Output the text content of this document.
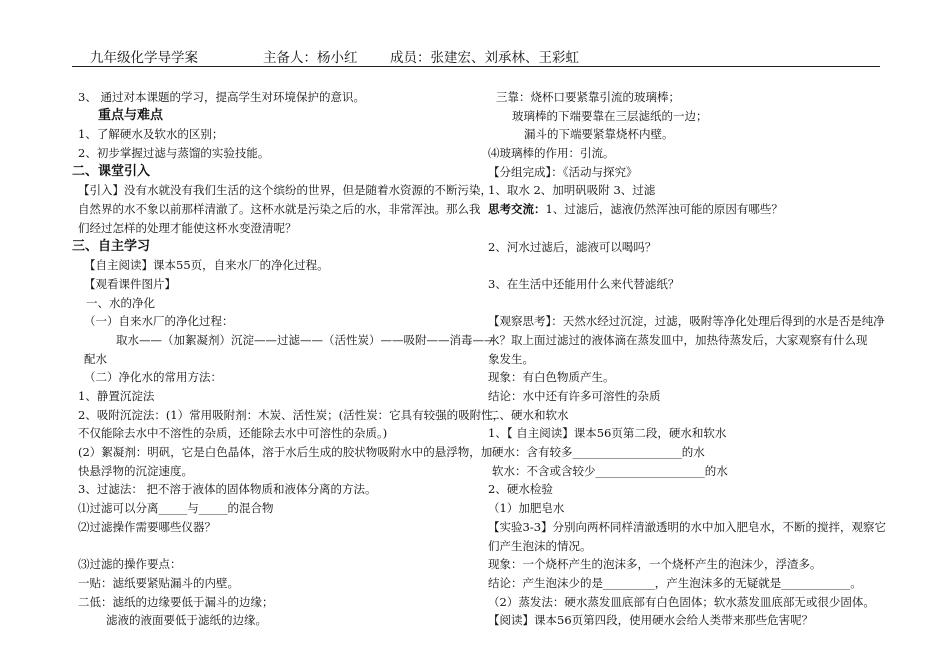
九年级化学导学案

	主备人：杨小红

成员：张建宏、刘承林、王彩虹

3、 通过对本课题的学习，提高学生对环境保护的意识。
重点与难点
1、了解硬水及软水的区别；
2、初步掌握过滤与蒸馏的实验技能。
二、课堂引入
【引入】没有水就没有我们生活的这个缤纷的世界，但是随着水资源的不断污染，
自然界的水不象以前那样清澈了。这杯水就是污染之后的水，非常浑浊。那么我
们经过怎样的处理才能使这杯水变澄清呢？
三、自主学习
【自主阅读】课本55页，自来水厂的净化过程。
【观看课件图片】
一、水的净化
（一）自来水厂的净化过程：
取水——（加絮凝剂）沉淀——过滤——（活性炭）——吸附——消毒——
配水
（二）净化水的常用方法：
1、静置沉淀法
2、吸附沉淀法：(1）常用吸附剂：木炭、活性炭；(活性炭：它具有较强的吸附性，
不仅能除去水中不溶性的杂质，还能除去水中可溶性的杂质。)
(2）絮凝剂：明矾，它是白色晶体，溶于水后生成的胶状物吸附水中的悬浮物，加
快悬浮物的沉淀速度。
3、过滤法： 把不溶于液体的固体物质和液体分离的方法。
⑴过滤可以分离_____与_____的混合物
⑵过滤操作需要哪些仪器？
⑶过滤的操作要点：
一贴：滤纸要紧贴漏斗的内壁。
二低：滤纸的边缘要低于漏斗的边缘；
滤液的液面要低于滤纸的边缘。
三靠：烧杯口要紧靠引流的玻璃棒；
玻璃棒的下端要靠在三层滤纸的一边；
漏斗的下端要紧靠烧杯内壁。
⑷玻璃棒的作用：引流。
【分组完成】：《活动与探究》
1、取水 2、加明矾吸附 3、过滤
思考交流：1、过滤后，滤液仍然浑浊可能的原因有哪些？
2、河水过滤后，滤液可以喝吗？
3、在生活中还能用什么来代替滤纸？
【观察思考】：天然水经过沉淀，过滤，吸附等净化处理后得到的水是否是纯净
水？取上面过滤过的液体滴在蒸发皿中，加热待蒸发后，大家观察有什么现
象发生。
现象：有白色物质产生。
结论：水中还有许多可溶性的杂质
二、硬水和软水
1、【 自主阅读】课本56页第二段，硬水和软水
硬水：含有较多___________________的水
软水：不含或含较少___________________的水
2、硬水检验
（1）加肥皂水
【实验3-3】分别向两杯同样清澈透明的水中加入肥皂水，不断的搅拌，观察它
们产生泡沫的情况。
现象：一个烧杯产生的泡沫多，一个烧杯产生的泡沫少，浮渣多。
结论：产生泡沫少的是_________，产生泡沫多的无疑就是____________。
（2）蒸发法：硬水蒸发皿底部有白色固体；软水蒸发皿底部无或很少固体。
【阅读】课本56页第四段，使用硬水会给人类带来那些危害呢？
